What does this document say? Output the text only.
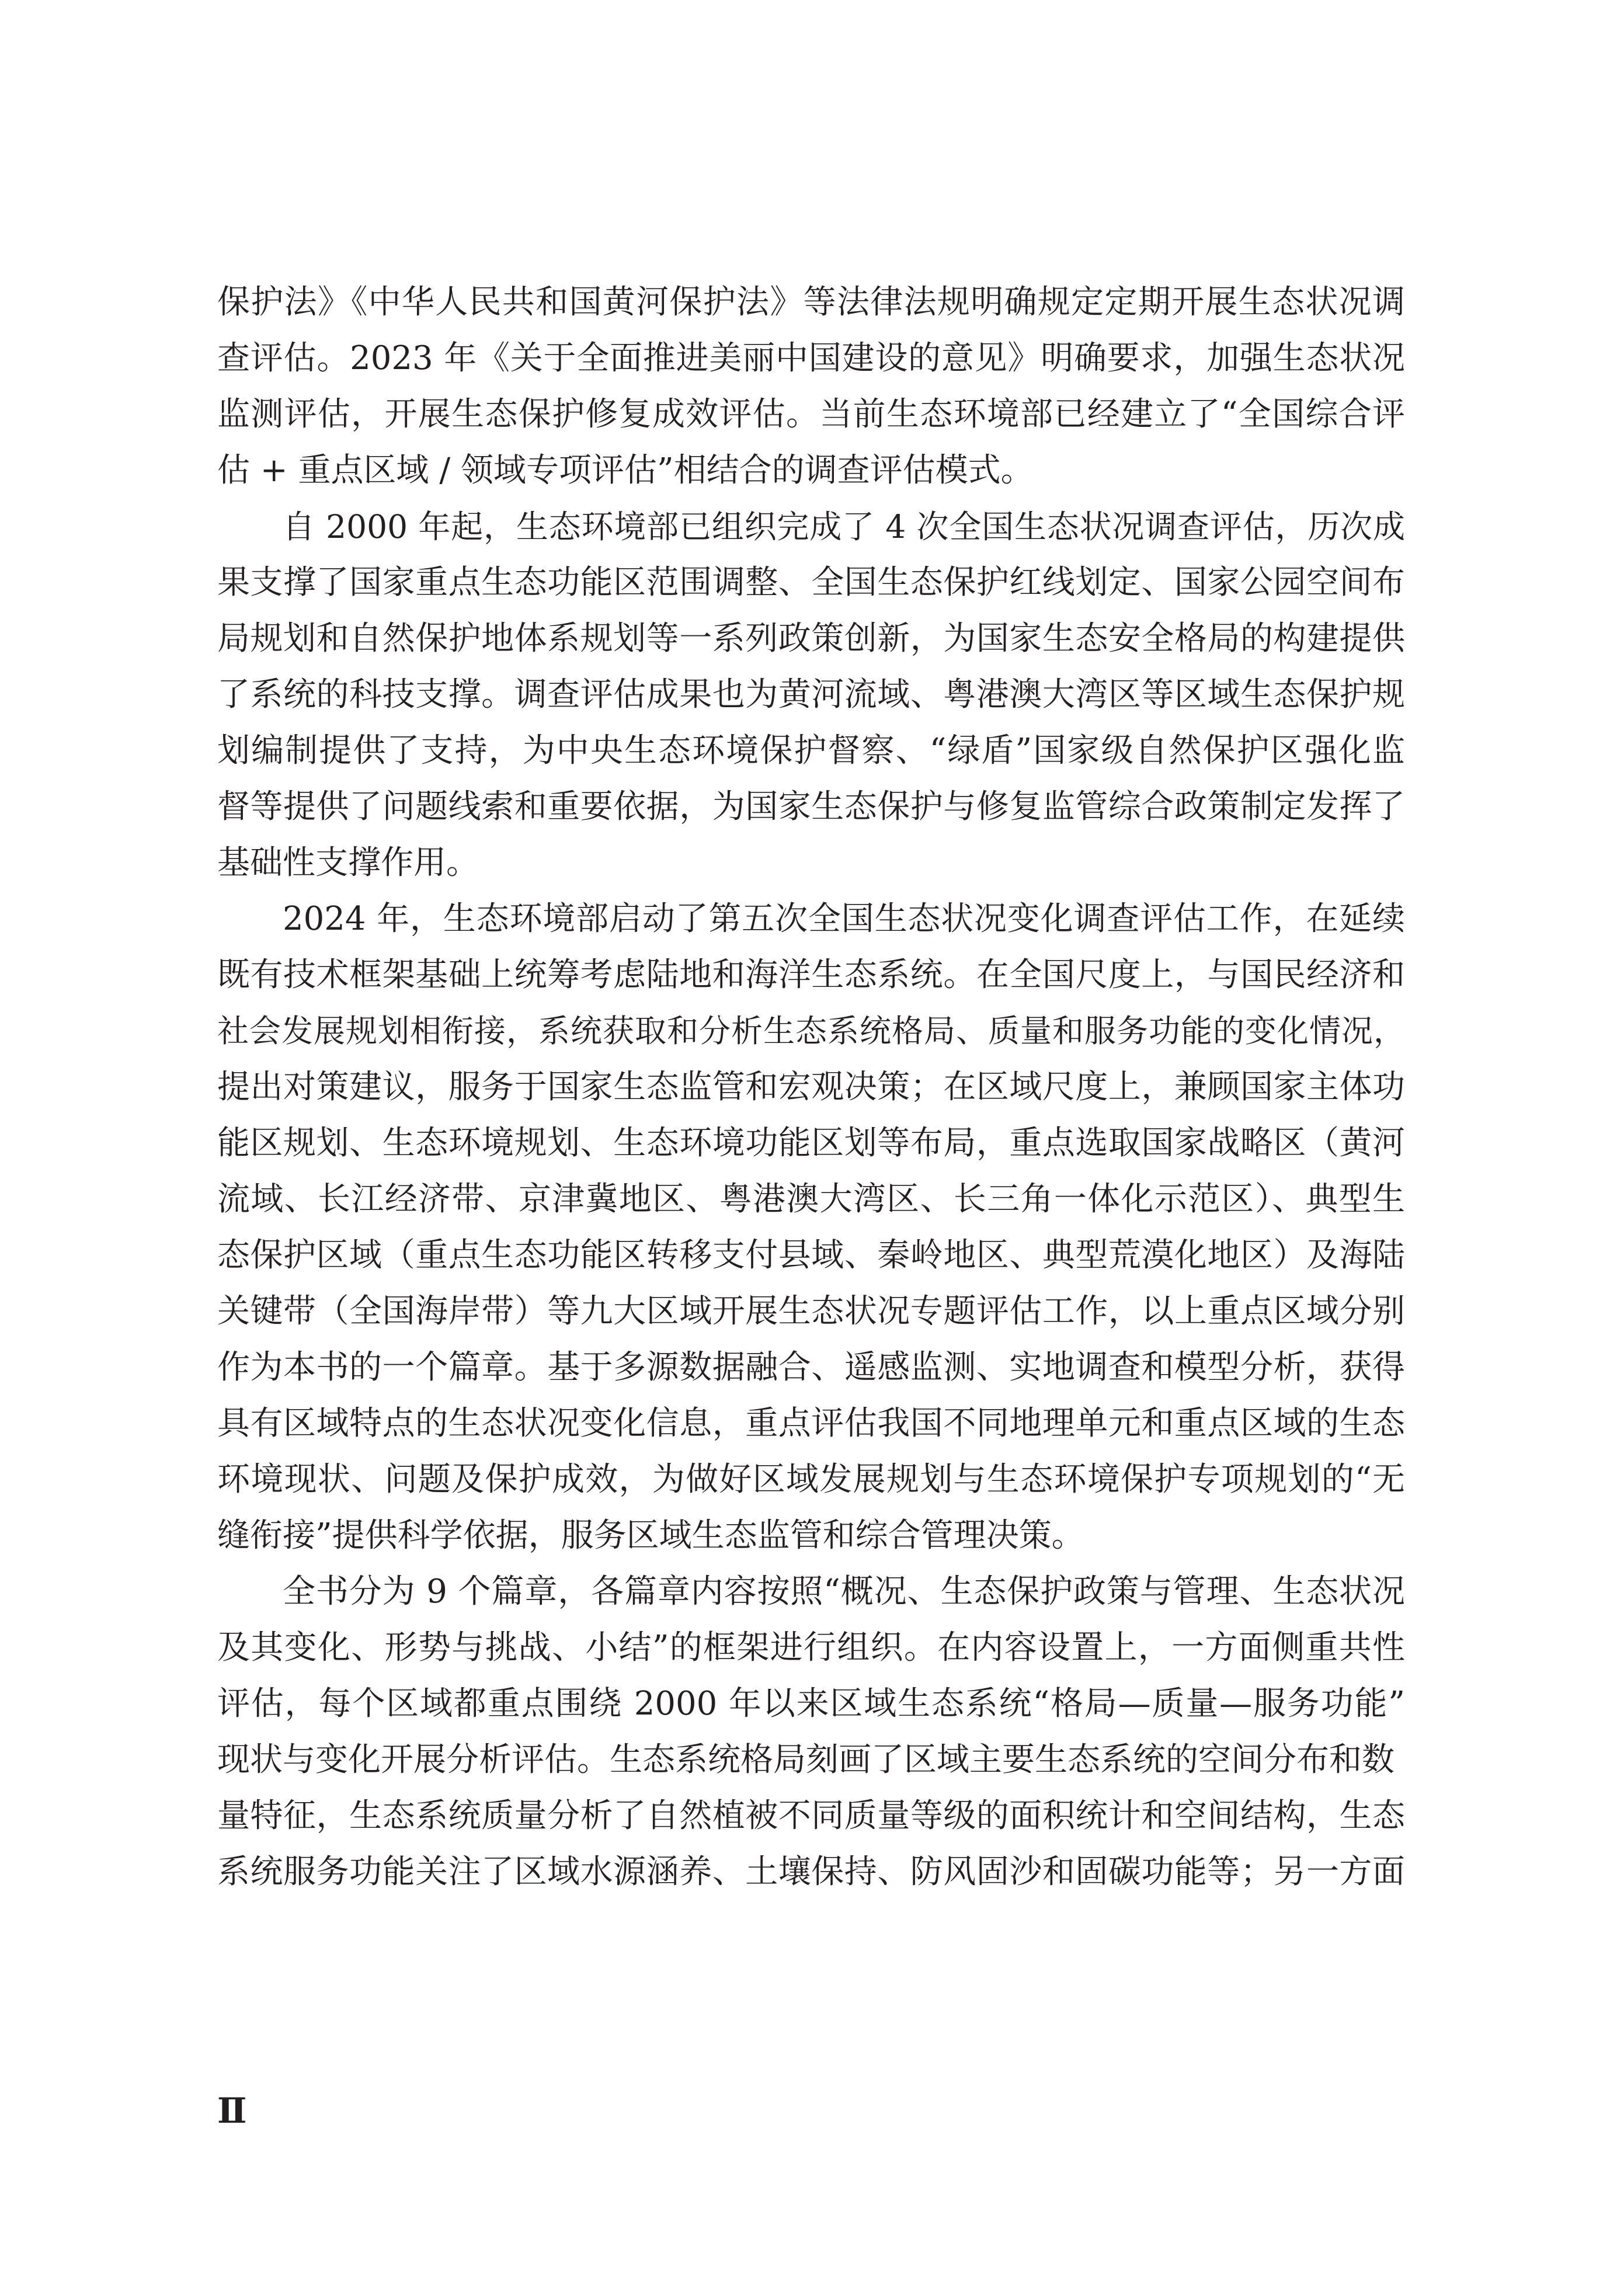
保护法》《中华人民共和国黄河保护法》等法律法规明确规定定期开展生态状况调
查评估。2023 年《关于全面推进美丽中国建设的意见》明确要求，加强生态状况
监测评估，开展生态保护修复成效评估。当前生态环境部已经建立了“全国综合评
估 + 重点区域 / 领域专项评估”相结合的调查评估模式。
自 2000 年起，生态环境部已组织完成了 4 次全国生态状况调查评估，历次成
果支撑了国家重点生态功能区范围调整、全国生态保护红线划定、国家公园空间布
局规划和自然保护地体系规划等一系列政策创新，为国家生态安全格局的构建提供
了系统的科技支撑。调查评估成果也为黄河流域、粤港澳大湾区等区域生态保护规
划编制提供了支持，为中央生态环境保护督察、“绿盾”国家级自然保护区强化监
督等提供了问题线索和重要依据，为国家生态保护与修复监管综合政策制定发挥了
基础性支撑作用。
2024 年，生态环境部启动了第五次全国生态状况变化调查评估工作，在延续
既有技术框架基础上统筹考虑陆地和海洋生态系统。在全国尺度上，与国民经济和
社会发展规划相衔接，系统获取和分析生态系统格局、质量和服务功能的变化情况，
提出对策建议，服务于国家生态监管和宏观决策；在区域尺度上，兼顾国家主体功
能区规划、生态环境规划、生态环境功能区划等布局，重点选取国家战略区（黄河
流域、长江经济带、京津冀地区、粤港澳大湾区、长三角一体化示范区）、典型生
态保护区域（重点生态功能区转移支付县域、秦岭地区、典型荒漠化地区）及海陆
关键带（全国海岸带）等九大区域开展生态状况专题评估工作，以上重点区域分别
作为本书的一个篇章。基于多源数据融合、遥感监测、实地调查和模型分析，获得
具有区域特点的生态状况变化信息，重点评估我国不同地理单元和重点区域的生态
环境现状、问题及保护成效，为做好区域发展规划与生态环境保护专项规划的“无
缝衔接”提供科学依据，服务区域生态监管和综合管理决策。
全书分为 9 个篇章，各篇章内容按照“概况、生态保护政策与管理、生态状况
及其变化、形势与挑战、小结”的框架进行组织。在内容设置上，一方面侧重共性
评估，每个区域都重点围绕 2000 年以来区域生态系统“格局—质量—服务功能”
现状与变化开展分析评估。生态系统格局刻画了区域主要生态系统的空间分布和数
量特征，生态系统质量分析了自然植被不同质量等级的面积统计和空间结构，生态
系统服务功能关注了区域水源涵养、土壤保持、防风固沙和固碳功能等；另一方面
Ⅱ
